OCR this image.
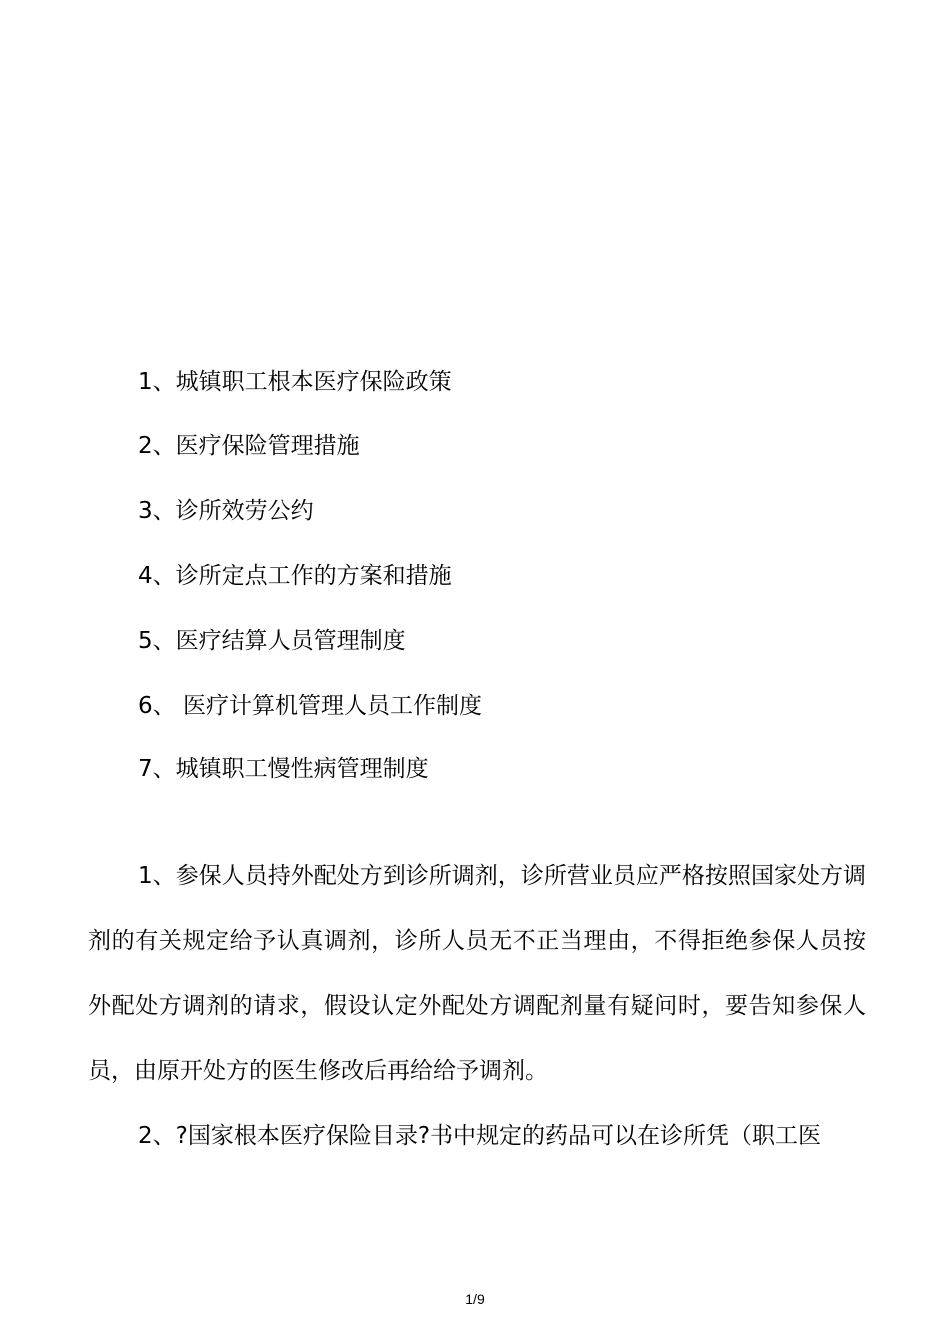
1、城镇职工根本医疗保险政策
2、医疗保险管理措施
3、诊所效劳公约
4、诊所定点工作的方案和措施
5、医疗结算人员管理制度
6、 医疗计算机管理人员工作制度
7、城镇职工慢性病管理制度

1、参保人员持外配处方到诊所调剂，诊所营业员应严格按照国家处方调剂的有关规定给予认真调剂，诊所人员无不正当理由，不得拒绝参保人员按外配处方调剂的请求，假设认定外配处方调配剂量有疑问时，要告知参保人员，由原开处方的医生修改后再给给予调剂。

2、?国家根本医疗保险目录?书中规定的药品可以在诊所凭（职工医

1/9
